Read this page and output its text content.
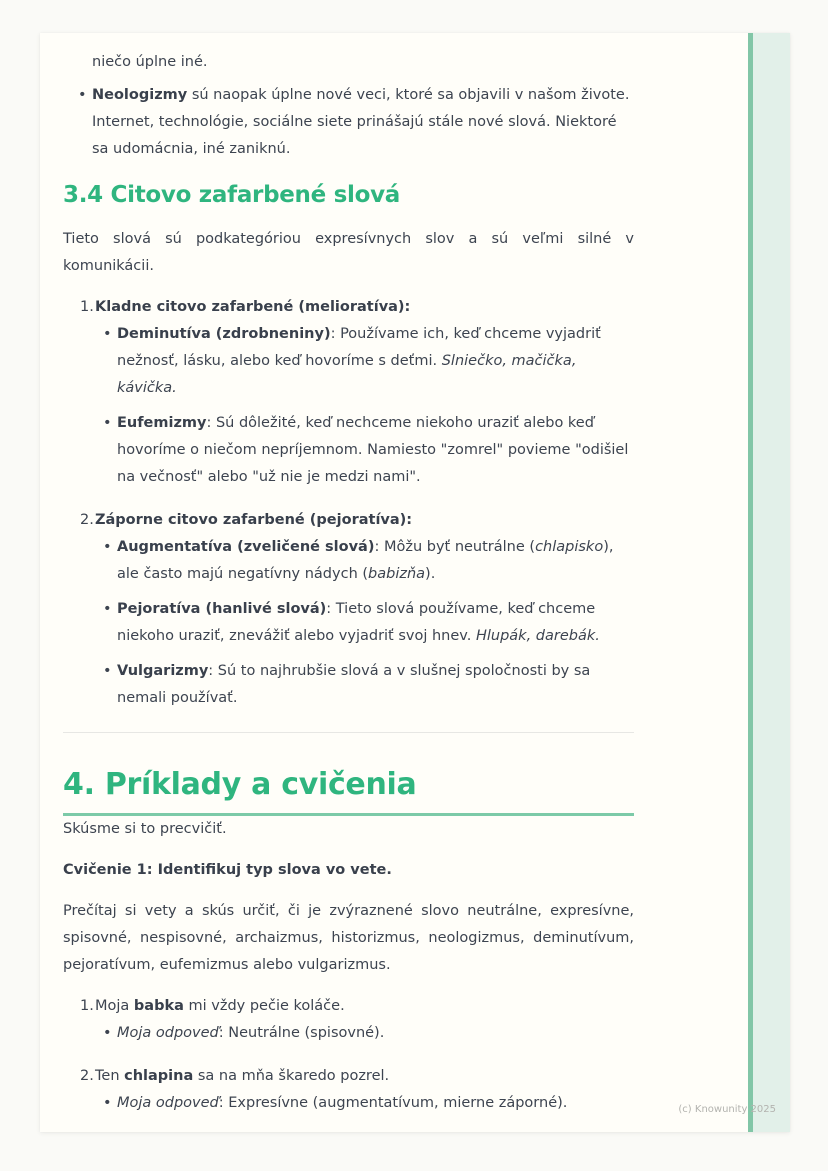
(c) Knowunity 2025

niečo úplne iné.

• Neologizmy sú naopak úplne nové veci, ktoré sa objavili v našom živote. Internet, technológie, sociálne siete prinášajú stále nové slová. Niektoré sa udomácnia, iné zaniknú.
3.4 Citovo zafarbené slová

Tieto slová sú podkategóriou expresívnych slov a sú veľmi silné v komunikácii.

1. Kladne citovo zafarbené (melioratíva):
• Deminutíva (zdrobneniny): Používame ich, keď chceme vyjadriť nežnosť, lásku, alebo keď hovoríme s deťmi. Slniečko, mačička, kávička.
• Eufemizmy: Sú dôležité, keď nechceme niekoho uraziť alebo keď hovoríme o niečom nepríjemnom. Namiesto "zomrel" povieme "odišiel na večnosť" alebo "už nie je medzi nami".
2. Záporne citovo zafarbené (pejoratíva):
• Augmentatíva (zveličené slová): Môžu byť neutrálne (chlapisko), ale často majú negatívny nádych (babizňa).
• Pejoratíva (hanlivé slová): Tieto slová používame, keď chceme niekoho uraziť, znevážiť alebo vyjadriť svoj hnev. Hlupák, darebák.
• Vulgarizmy: Sú to najhrubšie slová a v slušnej spoločnosti by sa nemali používať.
4. Príklady a cvičenia

Skúsme si to precvičiť.

Cvičenie 1: Identifikuj typ slova vo vete.

Prečítaj si vety a skús určiť, či je zvýraznené slovo neutrálne, expresívne, spisovné, nespisovné, archaizmus, historizmus, neologizmus, deminutívum, pejoratívum, eufemizmus alebo vulgarizmus.

1. Moja babka mi vždy pečie koláče.
• Moja odpoveď: Neutrálne (spisovné).
2. Ten chlapina sa na mňa škaredo pozrel.
• Moja odpoveď: Expresívne (augmentatívum, mierne záporné).
